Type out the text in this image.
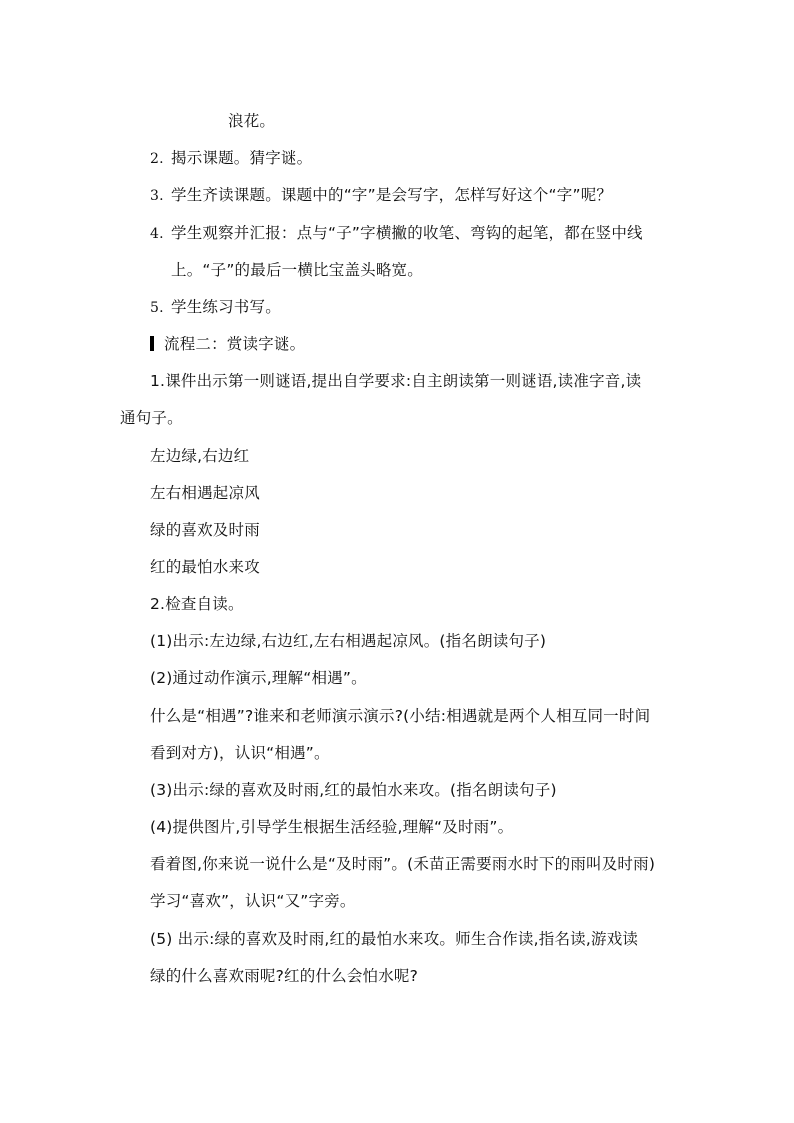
浪花。
2. 揭示课题。猜字谜。
3. 学生齐读课题。课题中的“字”是会写字，怎样写好这个“字”呢？
4. 学生观察并汇报：点与“子”字横撇的收笔、弯钩的起笔，都在竖中线
上。“子”的最后一横比宝盖头略宽。
5. 学生练习书写。
流程二：赏读字谜。
1.课件出示第一则谜语,提出自学要求:自主朗读第一则谜语,读准字音,读
通句子。
左边绿,右边红
左右相遇起凉风
绿的喜欢及时雨
红的最怕水来攻
2.检查自读。
(1)出示:左边绿,右边红,左右相遇起凉风。(指名朗读句子)
(2)通过动作演示,理解“相遇”。
什么是“相遇”?谁来和老师演示演示?(小结:相遇就是两个人相互同一时间
看到对方)，认识“相遇”。
(3)出示:绿的喜欢及时雨,红的最怕水来攻。(指名朗读句子)
(4)提供图片,引导学生根据生活经验,理解“及时雨”。
看着图,你来说一说什么是“及时雨”。(禾苗正需要雨水时下的雨叫及时雨)
学习“喜欢”，认识“又”字旁。
(5) 出示:绿的喜欢及时雨,红的最怕水来攻。师生合作读,指名读,游戏读
绿的什么喜欢雨呢?红的什么会怕水呢?
